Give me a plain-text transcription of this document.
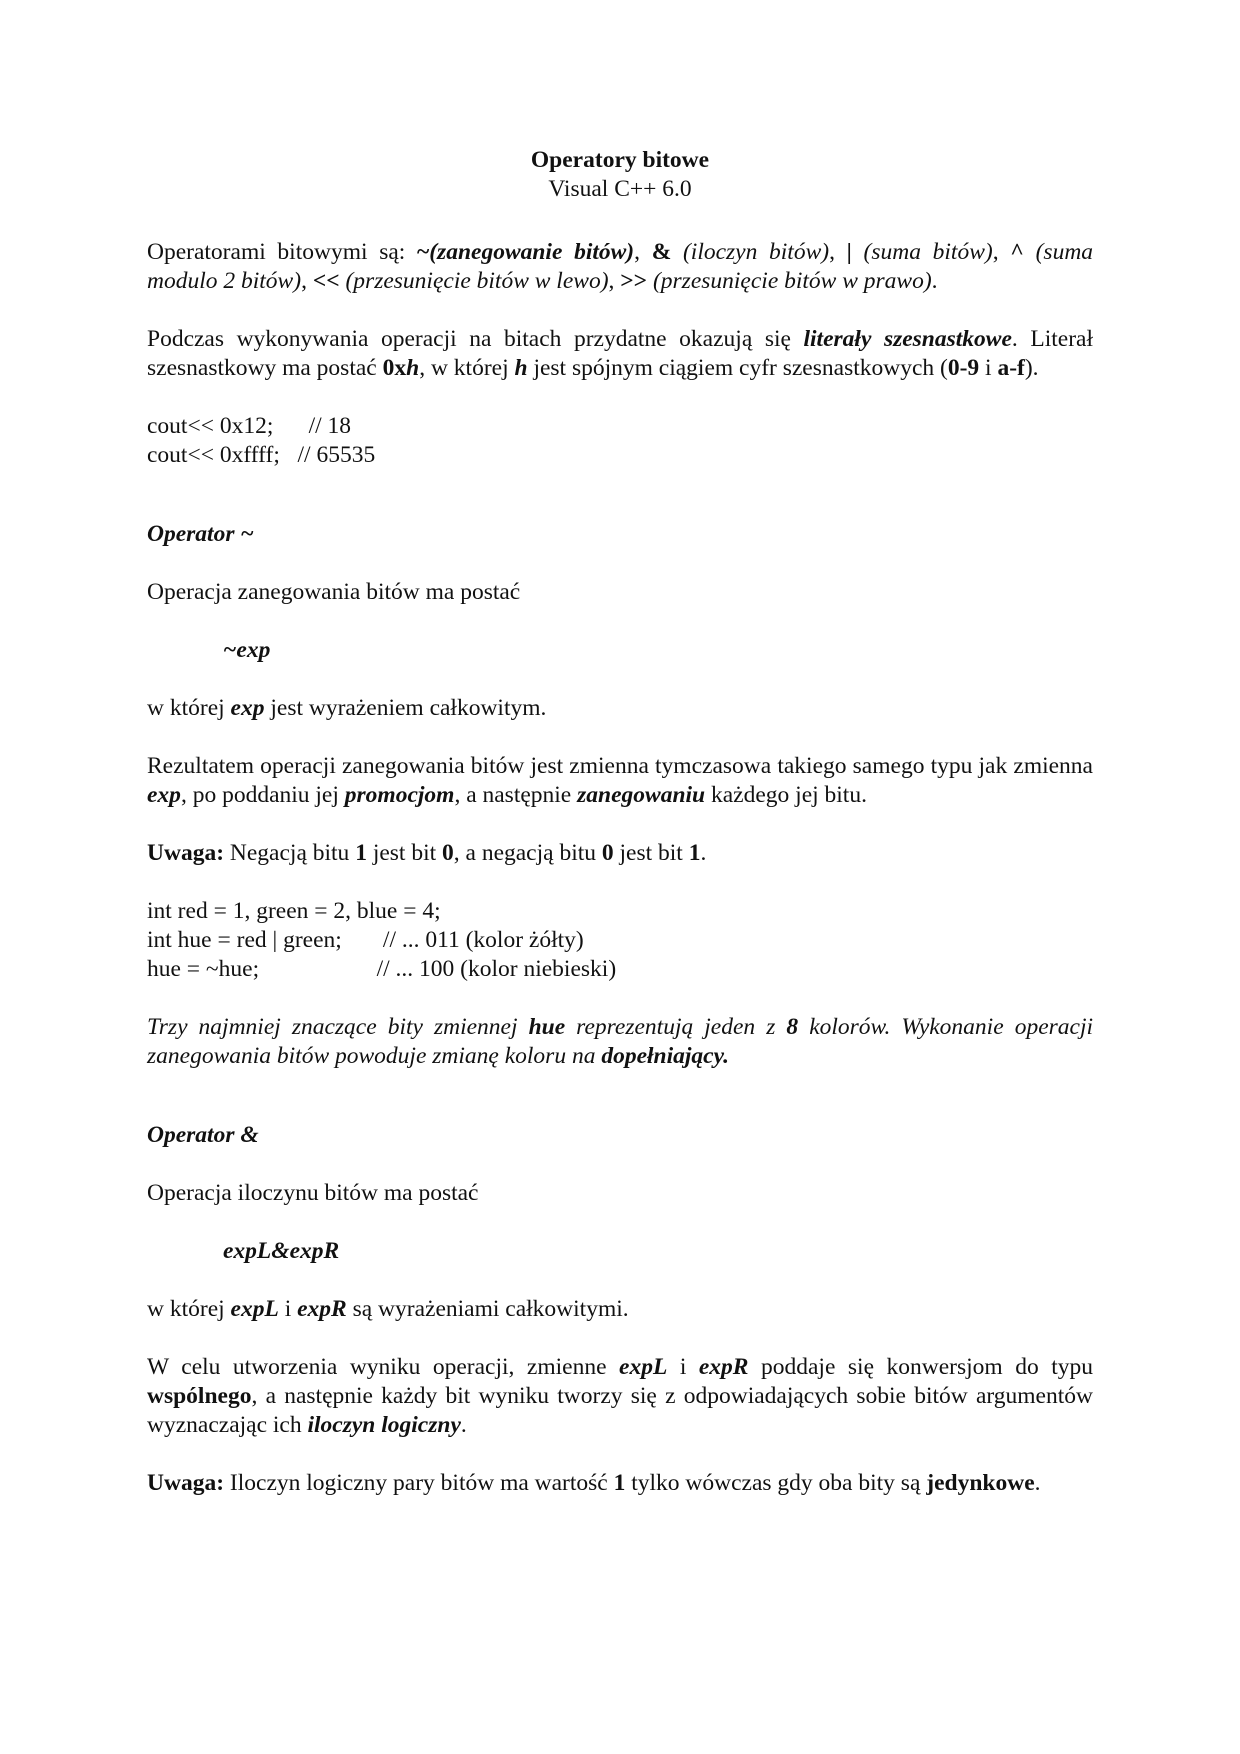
Operatory bitowe
Visual C++ 6.0

Operatorami bitowymi są: ~(zanegowanie bitów), & (iloczyn bitów), | (suma bitów), ^ (suma modulo 2 bitów), << (przesunięcie bitów w lewo), >> (przesunięcie bitów w prawo).

Podczas wykonywania operacji na bitach przydatne okazują się literały szesnastkowe. Literał szesnastkowy ma postać 0xh, w której h jest spójnym ciągiem cyfr szesnastkowych (0-9 i a-f).

cout<< 0x12;      // 18
cout<< 0xffff;   // 65535
Operator ~

Operacja zanegowania bitów ma postać

~exp

w której exp jest wyrażeniem całkowitym.

Rezultatem operacji zanegowania bitów jest zmienna tymczasowa takiego samego typu jak zmienna exp, po poddaniu jej promocjom, a następnie zanegowaniu każdego jej bitu.

Uwaga: Negacją bitu 1 jest bit 0, a negacją bitu 0 jest bit 1.

int red = 1, green = 2, blue = 4;
int hue = red | green;       // ... 011 (kolor żółty)
hue = ~hue;                    // ... 100 (kolor niebieski)

Trzy najmniej znaczące bity zmiennej hue reprezentują jeden z 8 kolorów. Wykonanie operacji zanegowania bitów powoduje zmianę koloru na dopełniający.

Operator &

Operacja iloczynu bitów ma postać

expL&expR

w której expL i expR są wyrażeniami całkowitymi.

W celu utworzenia wyniku operacji, zmienne expL i expR poddaje się konwersjom do typu wspólnego, a następnie każdy bit wyniku tworzy się z odpowiadających sobie bitów argumentów wyznaczając ich iloczyn logiczny.

Uwaga: Iloczyn logiczny pary bitów ma wartość 1 tylko wówczas gdy oba bity są jedynkowe.
